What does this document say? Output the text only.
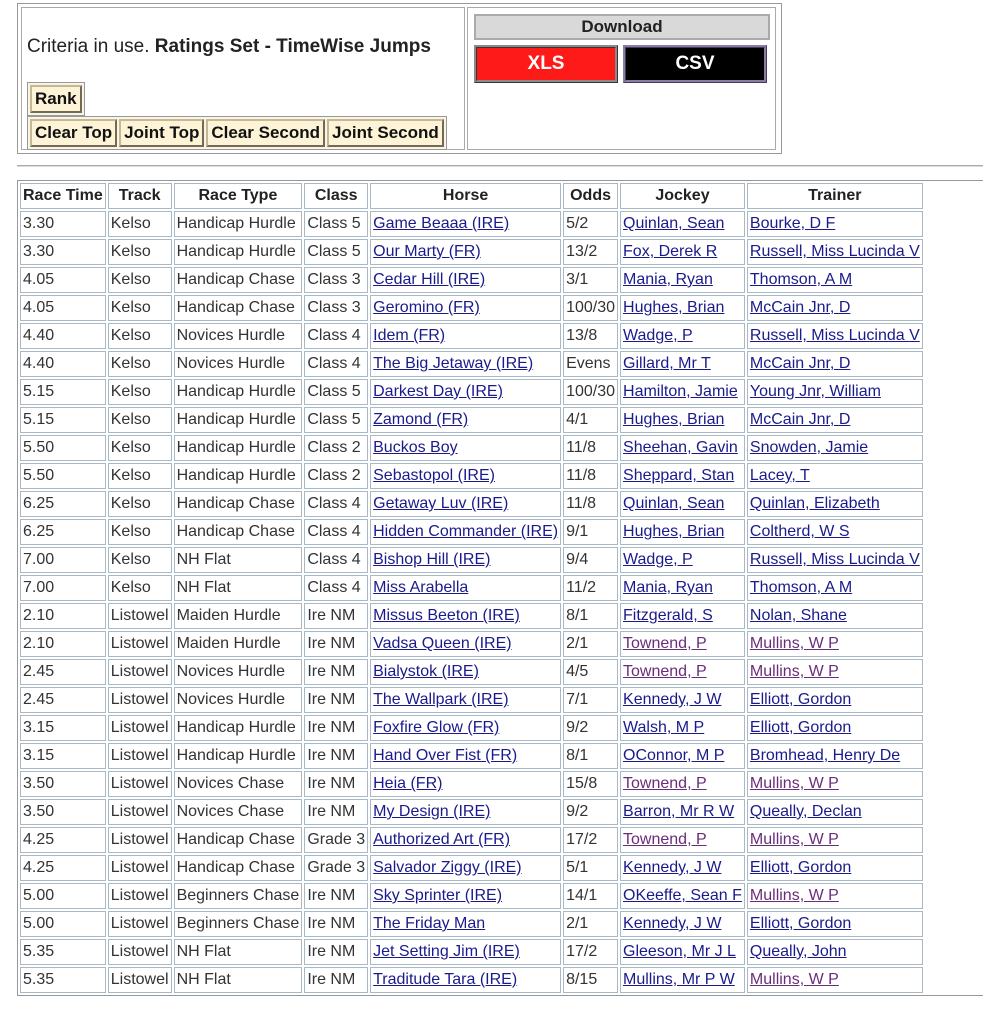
Criteria in use. Ratings Set - TimeWise Jumps
Rank
Clear Top Joint Top Clear Second Joint Second
Download
XLS	CSV
Race Time	Track	Race Type	Class	Horse	Odds	Jockey	Trainer
3.30	Kelso	Handicap Hurdle	Class 5	Game Beaaa (IRE)	5/2	Quinlan, Sean	Bourke, D F
3.30	Kelso	Handicap Hurdle	Class 5	Our Marty (FR)	13/2	Fox, Derek R	Russell, Miss Lucinda V
4.05	Kelso	Handicap Chase	Class 3	Cedar Hill (IRE)	3/1	Mania, Ryan	Thomson, A M
4.05	Kelso	Handicap Chase	Class 3	Geromino (FR)	100/30	Hughes, Brian	McCain Jnr, D
4.40	Kelso	Novices Hurdle	Class 4	Idem (FR)	13/8	Wadge, P	Russell, Miss Lucinda V
4.40	Kelso	Novices Hurdle	Class 4	The Big Jetaway (IRE)	Evens	Gillard, Mr T	McCain Jnr, D
5.15	Kelso	Handicap Hurdle	Class 5	Darkest Day (IRE)	100/30	Hamilton, Jamie	Young Jnr, William
5.15	Kelso	Handicap Hurdle	Class 5	Zamond (FR)	4/1	Hughes, Brian	McCain Jnr, D
5.50	Kelso	Handicap Hurdle	Class 2	Buckos Boy	11/8	Sheehan, Gavin	Snowden, Jamie
5.50	Kelso	Handicap Hurdle	Class 2	Sebastopol (IRE)	11/8	Sheppard, Stan	Lacey, T
6.25	Kelso	Handicap Chase	Class 4	Getaway Luv (IRE)	11/8	Quinlan, Sean	Quinlan, Elizabeth
6.25	Kelso	Handicap Chase	Class 4	Hidden Commander (IRE)	9/1	Hughes, Brian	Coltherd, W S
7.00	Kelso	NH Flat	Class 4	Bishop Hill (IRE)	9/4	Wadge, P	Russell, Miss Lucinda V
7.00	Kelso	NH Flat	Class 4	Miss Arabella	11/2	Mania, Ryan	Thomson, A M
2.10	Listowel	Maiden Hurdle	Ire NM	Missus Beeton (IRE)	8/1	Fitzgerald, S	Nolan, Shane
2.10	Listowel	Maiden Hurdle	Ire NM	Vadsa Queen (IRE)	2/1	Townend, P	Mullins, W P
2.45	Listowel	Novices Hurdle	Ire NM	Bialystok (IRE)	4/5	Townend, P	Mullins, W P
2.45	Listowel	Novices Hurdle	Ire NM	The Wallpark (IRE)	7/1	Kennedy, J W	Elliott, Gordon
3.15	Listowel	Handicap Hurdle	Ire NM	Foxfire Glow (FR)	9/2	Walsh, M P	Elliott, Gordon
3.15	Listowel	Handicap Hurdle	Ire NM	Hand Over Fist (FR)	8/1	OConnor, M P	Bromhead, Henry De
3.50	Listowel	Novices Chase	Ire NM	Heia (FR)	15/8	Townend, P	Mullins, W P
3.50	Listowel	Novices Chase	Ire NM	My Design (IRE)	9/2	Barron, Mr R W	Queally, Declan
4.25	Listowel	Handicap Chase	Grade 3	Authorized Art (FR)	17/2	Townend, P	Mullins, W P
4.25	Listowel	Handicap Chase	Grade 3	Salvador Ziggy (IRE)	5/1	Kennedy, J W	Elliott, Gordon
5.00	Listowel	Beginners Chase	Ire NM	Sky Sprinter (IRE)	14/1	OKeeffe, Sean F	Mullins, W P
5.00	Listowel	Beginners Chase	Ire NM	The Friday Man	2/1	Kennedy, J W	Elliott, Gordon
5.35	Listowel	NH Flat	Ire NM	Jet Setting Jim (IRE)	17/2	Gleeson, Mr J L	Queally, John
5.35	Listowel	NH Flat	Ire NM	Traditude Tara (IRE)	8/15	Mullins, Mr P W	Mullins, W P
